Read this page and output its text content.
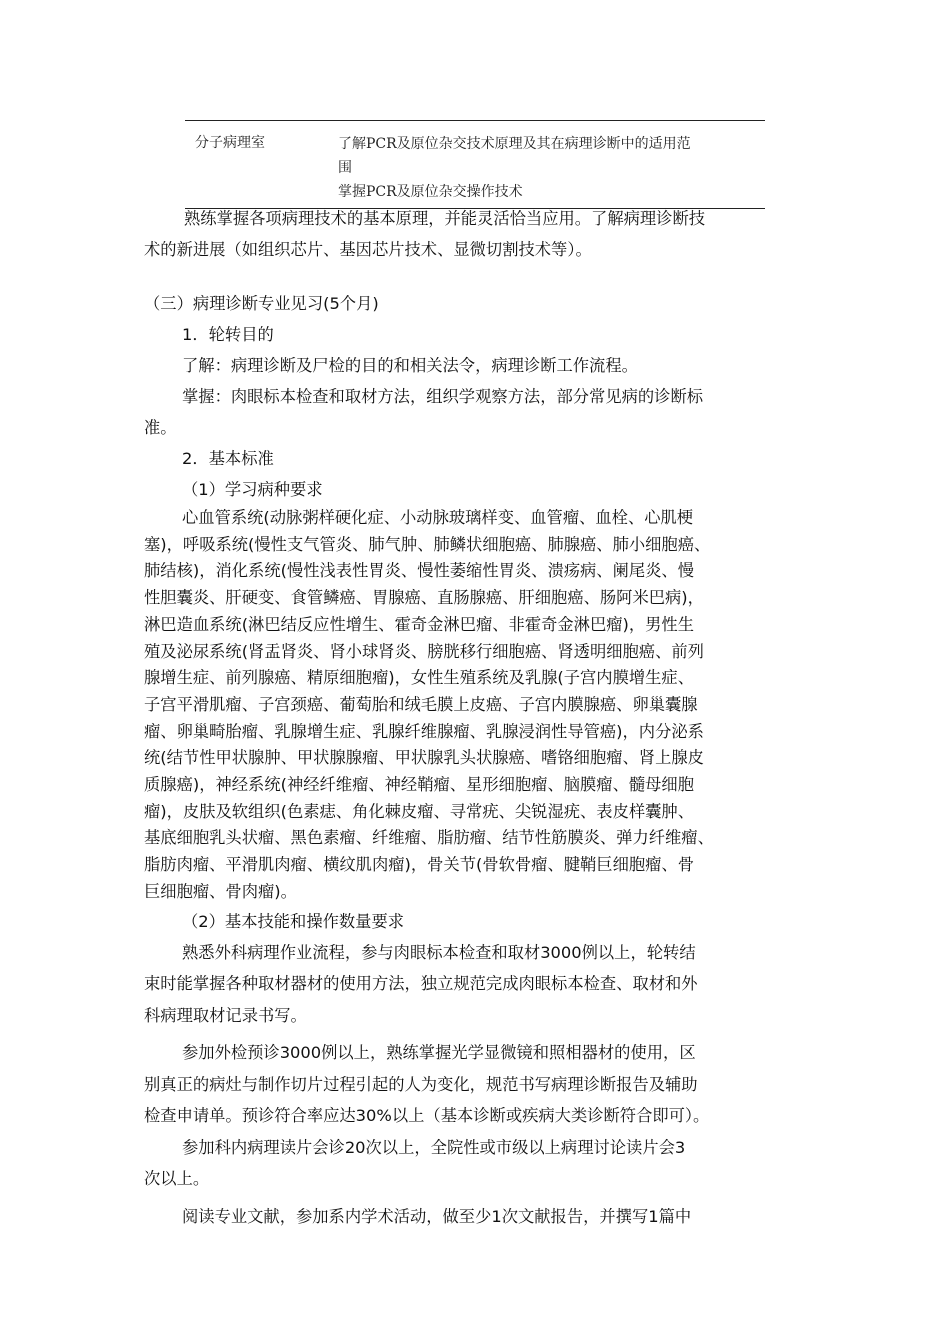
分子病理室	了解PCR及原位杂交技术原理及其在病理诊断中的适用范
围
掌握PCR及原位杂交操作技术
熟练掌握各项病理技术的基本原理，并能灵活恰当应用。了解病理诊断技
术的新进展（如组织芯片、基因芯片技术、显微切割技术等）。
（三）病理诊断专业见习(5个月)
1．轮转目的
了解：病理诊断及尸检的目的和相关法令，病理诊断工作流程。
掌握：肉眼标本检查和取材方法，组织学观察方法，部分常见病的诊断标
准。
2．基本标准
（1）学习病种要求
心血管系统(动脉粥样硬化症、小动脉玻璃样变、血管瘤、血栓、心肌梗
塞)，呼吸系统(慢性支气管炎、肺气肿、肺鳞状细胞癌、肺腺癌、肺小细胞癌、
肺结核)，消化系统(慢性浅表性胃炎、慢性萎缩性胃炎、溃疡病、阑尾炎、慢
性胆囊炎、肝硬变、食管鳞癌、胃腺癌、直肠腺癌、肝细胞癌、肠阿米巴病)，
淋巴造血系统(淋巴结反应性增生、霍奇金淋巴瘤、非霍奇金淋巴瘤)，男性生
殖及泌尿系统(肾盂肾炎、肾小球肾炎、膀胱移行细胞癌、肾透明细胞癌、前列
腺增生症、前列腺癌、精原细胞瘤)，女性生殖系统及乳腺(子宫内膜增生症、
子宫平滑肌瘤、子宫颈癌、葡萄胎和绒毛膜上皮癌、子宫内膜腺癌、卵巢囊腺
瘤、卵巢畸胎瘤、乳腺增生症、乳腺纤维腺瘤、乳腺浸润性导管癌)，内分泌系
统(结节性甲状腺肿、甲状腺腺瘤、甲状腺乳头状腺癌、嗜铬细胞瘤、肾上腺皮
质腺癌)，神经系统(神经纤维瘤、神经鞘瘤、星形细胞瘤、脑膜瘤、髓母细胞
瘤)，皮肤及软组织(色素痣、角化棘皮瘤、寻常疣、尖锐湿疣、表皮样囊肿、
基底细胞乳头状瘤、黑色素瘤、纤维瘤、脂肪瘤、结节性筋膜炎、弹力纤维瘤、
脂肪肉瘤、平滑肌肉瘤、横纹肌肉瘤)，骨关节(骨软骨瘤、腱鞘巨细胞瘤、骨
巨细胞瘤、骨肉瘤)。
（2）基本技能和操作数量要求
熟悉外科病理作业流程，参与肉眼标本检查和取材3000例以上，轮转结
束时能掌握各种取材器材的使用方法，独立规范完成肉眼标本检查、取材和外
科病理取材记录书写。
参加外检预诊3000例以上，熟练掌握光学显微镜和照相器材的使用，区
别真正的病灶与制作切片过程引起的人为变化，规范书写病理诊断报告及辅助
检查申请单。预诊符合率应达30%以上（基本诊断或疾病大类诊断符合即可）。
参加科内病理读片会诊20次以上，全院性或市级以上病理讨论读片会3
次以上。
阅读专业文献，参加系内学术活动，做至少1次文献报告，并撰写1篇中
